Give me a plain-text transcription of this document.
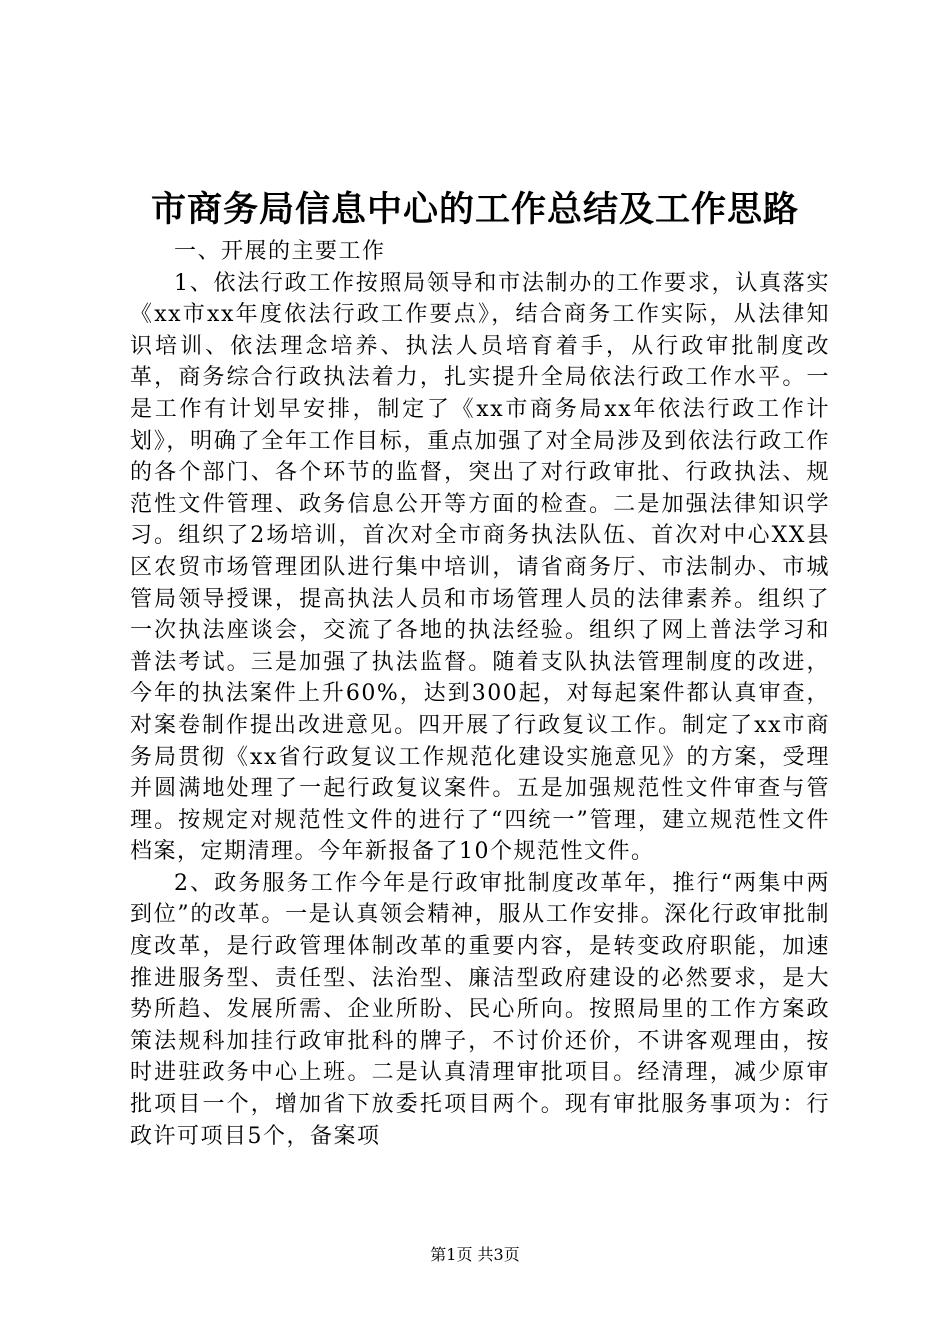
市商务局信息中心的工作总结及工作思路

一、开展的主要工作

1、依法行政工作按照局领导和市法制办的工作要求，认真落实《xx市xx年度依法行政工作要点》，结合商务工作实际，从法律知识培训、依法理念培养、执法人员培育着手，从行政审批制度改革，商务综合行政执法着力，扎实提升全局依法行政工作水平。一是工作有计划早安排，制定了《xx市商务局xx年依法行政工作计划》，明确了全年工作目标，重点加强了对全局涉及到依法行政工作的各个部门、各个环节的监督，突出了对行政审批、行政执法、规范性文件管理、政务信息公开等方面的检查。二是加强法律知识学习。组织了2场培训，首次对全市商务执法队伍、首次对中心XX县区农贸市场管理团队进行集中培训，请省商务厅、市法制办、市城管局领导授课，提高执法人员和市场管理人员的法律素养。组织了一次执法座谈会，交流了各地的执法经验。组织了网上普法学习和普法考试。三是加强了执法监督。随着支队执法管理制度的改进，今年的执法案件上升60%，达到300起，对每起案件都认真审查，对案卷制作提出改进意见。四开展了行政复议工作。制定了xx市商务局贯彻《xx省行政复议工作规范化建设实施意见》的方案，受理并圆满地处理了一起行政复议案件。五是加强规范性文件审查与管理。按规定对规范性文件的进行了“四统一”管理，建立规范性文件档案，定期清理。今年新报备了10个规范性文件。

2、政务服务工作今年是行政审批制度改革年，推行“两集中两到位”的改革。一是认真领会精神，服从工作安排。深化行政审批制度改革，是行政管理体制改革的重要内容，是转变政府职能，加速推进服务型、责任型、法治型、廉洁型政府建设的必然要求，是大势所趋、发展所需、企业所盼、民心所向。按照局里的工作方案政策法规科加挂行政审批科的牌子，不讨价还价，不讲客观理由，按时进驻政务中心上班。二是认真清理审批项目。经清理，减少原审批项目一个，增加省下放委托项目两个。现有审批服务事项为：行政许可项目5个，备案项

第1页 共3页
